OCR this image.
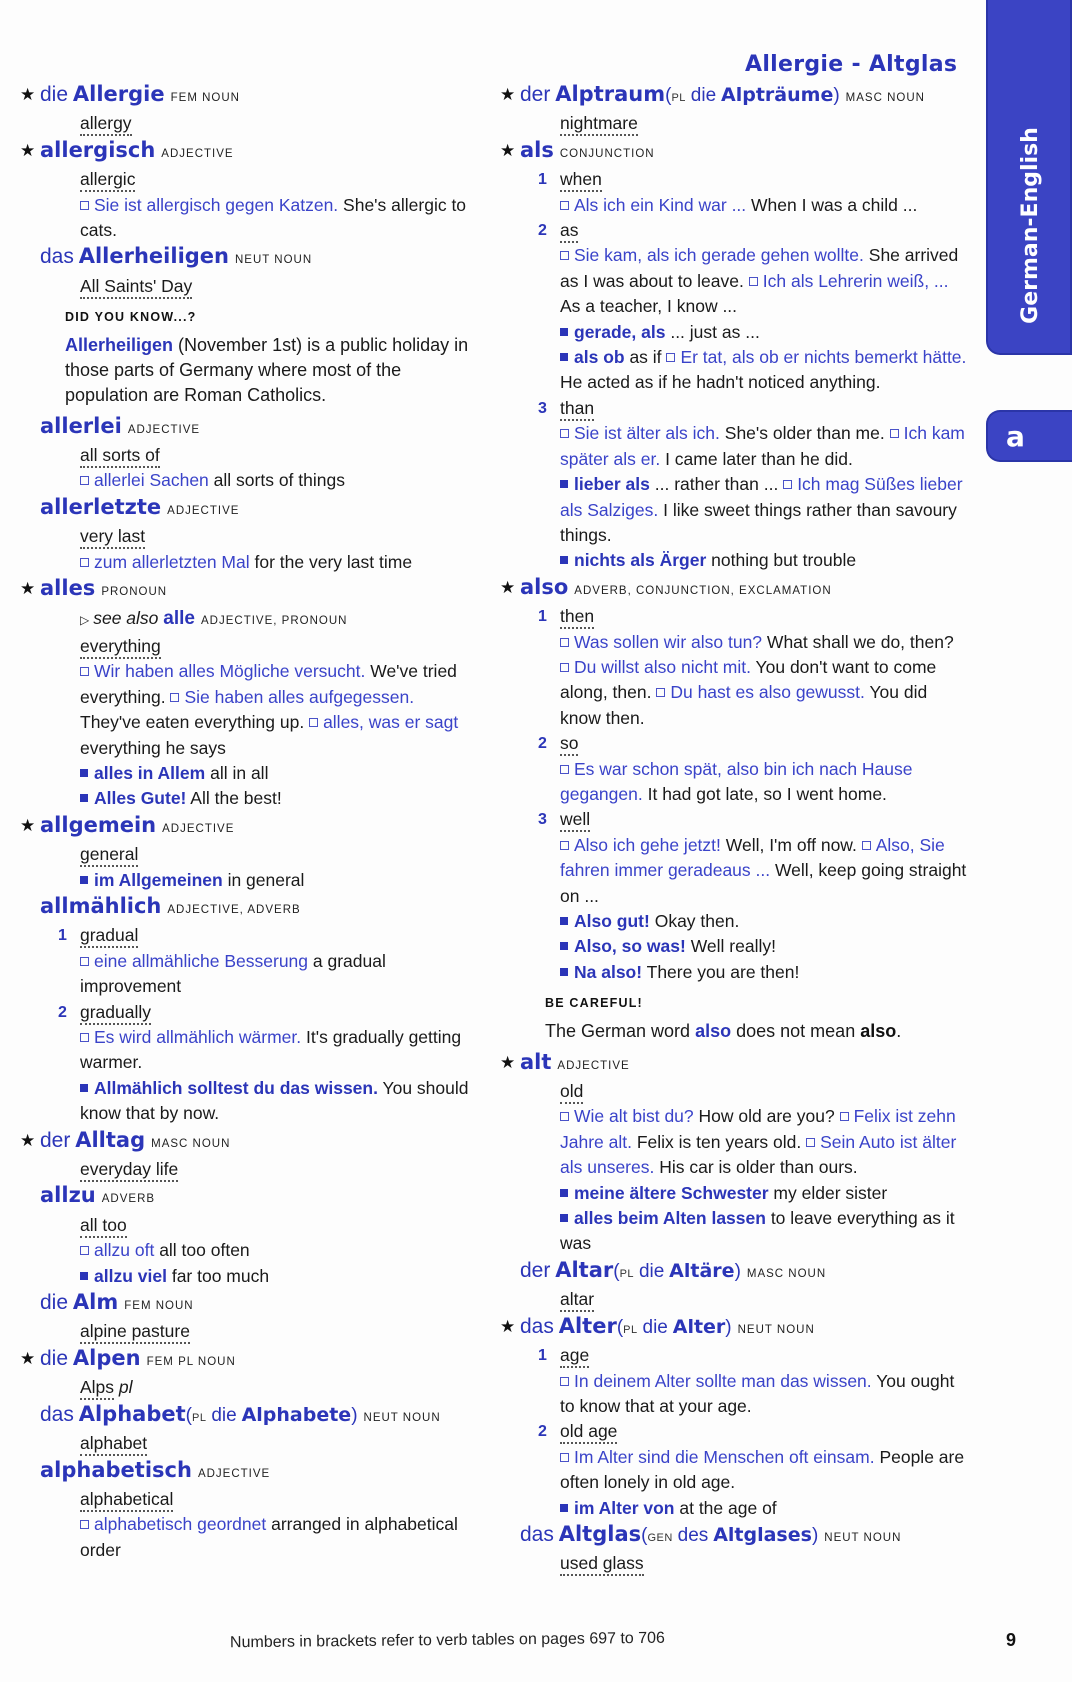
Allergie - Altglas
★ die Allergie FEM NOUN
allergy
★ allergisch ADJECTIVE
allergic
Sie ist allergisch gegen Katzen. She's allergic to cats.
das Allerheiligen NEUT NOUN
All Saints' Day
DID YOU KNOW...?
Allerheiligen (November 1st) is a public holiday in those parts of Germany where most of the population are Roman Catholics.
allerlei ADJECTIVE
all sorts of
allerlei Sachen all sorts of things
allerletzte ADJECTIVE
very last
zum allerletzten Mal for the very last time
★ alles PRONOUN
▷ see also alle ADJECTIVE, PRONOUN
everything
Wir haben alles Mögliche versucht. We've tried everything. Sie haben alles aufgegessen. They've eaten everything up. alles, was er sagt everything he says
alles in Allem all in all
Alles Gute! All the best!
★ allgemein ADJECTIVE
general
im Allgemeinen in general
allmählich ADJECTIVE, ADVERB
1 gradual
eine allmähliche Besserung a gradual improvement
2 gradually
Es wird allmählich wärmer. It's gradually getting warmer.
Allmählich solltest du das wissen. You should know that by now.
★ der Alltag MASC NOUN
everyday life
allzu ADVERB
all too
allzu oft all too often
allzu viel far too much
die Alm FEM NOUN
alpine pasture
★ die Alpen FEM PL NOUN
Alps pl
das Alphabet(PL die Alphabete) NEUT NOUN
alphabet
alphabetisch ADJECTIVE
alphabetical
alphabetisch geordnet arranged in alphabetical order
★ der Alptraum(PL die Alpträume) MASC NOUN
nightmare
★ als CONJUNCTION
1 when
Als ich ein Kind war ... When I was a child ...
2 as
Sie kam, als ich gerade gehen wollte. She arrived as I was about to leave. Ich als Lehrerin weiß, ... As a teacher, I know ...
gerade, als ... just as ...
als ob as if Er tat, als ob er nichts bemerkt hätte. He acted as if he hadn't noticed anything.
3 than
Sie ist älter als ich. She's older than me. Ich kam später als er. I came later than he did.
lieber als ... rather than ... Ich mag Süßes lieber als Salziges. I like sweet things rather than savoury things.
nichts als Ärger nothing but trouble
★ also ADVERB, CONJUNCTION, EXCLAMATION
1 then
Was sollen wir also tun? What shall we do, then? Du willst also nicht mit. You don't want to come along, then. Du hast es also gewusst. You did know then.
2 so
Es war schon spät, also bin ich nach Hause gegangen. It had got late, so I went home.
3 well
Also ich gehe jetzt! Well, I'm off now. Also, Sie fahren immer geradeaus ... Well, keep going straight on ...
Also gut! Okay then.
Also, so was! Well really!
Na also! There you are then!
BE CAREFUL!
The German word also does not mean also.
★ alt ADJECTIVE
old
Wie alt bist du? How old are you? Felix ist zehn Jahre alt. Felix is ten years old. Sein Auto ist älter als unseres. His car is older than ours.
meine ältere Schwester my elder sister
alles beim Alten lassen to leave everything as it was
der Altar(PL die Altäre) MASC NOUN
altar
★ das Alter(PL die Alter) NEUT NOUN
1 age
In deinem Alter sollte man das wissen. You ought to know that at your age.
2 old age
Im Alter sind die Menschen oft einsam. People are often lonely in old age.
im Alter von at the age of
das Altglas(GEN des Altglases) NEUT NOUN
used glass
German-English
a
Numbers in brackets refer to verb tables on pages 697 to 706	9
